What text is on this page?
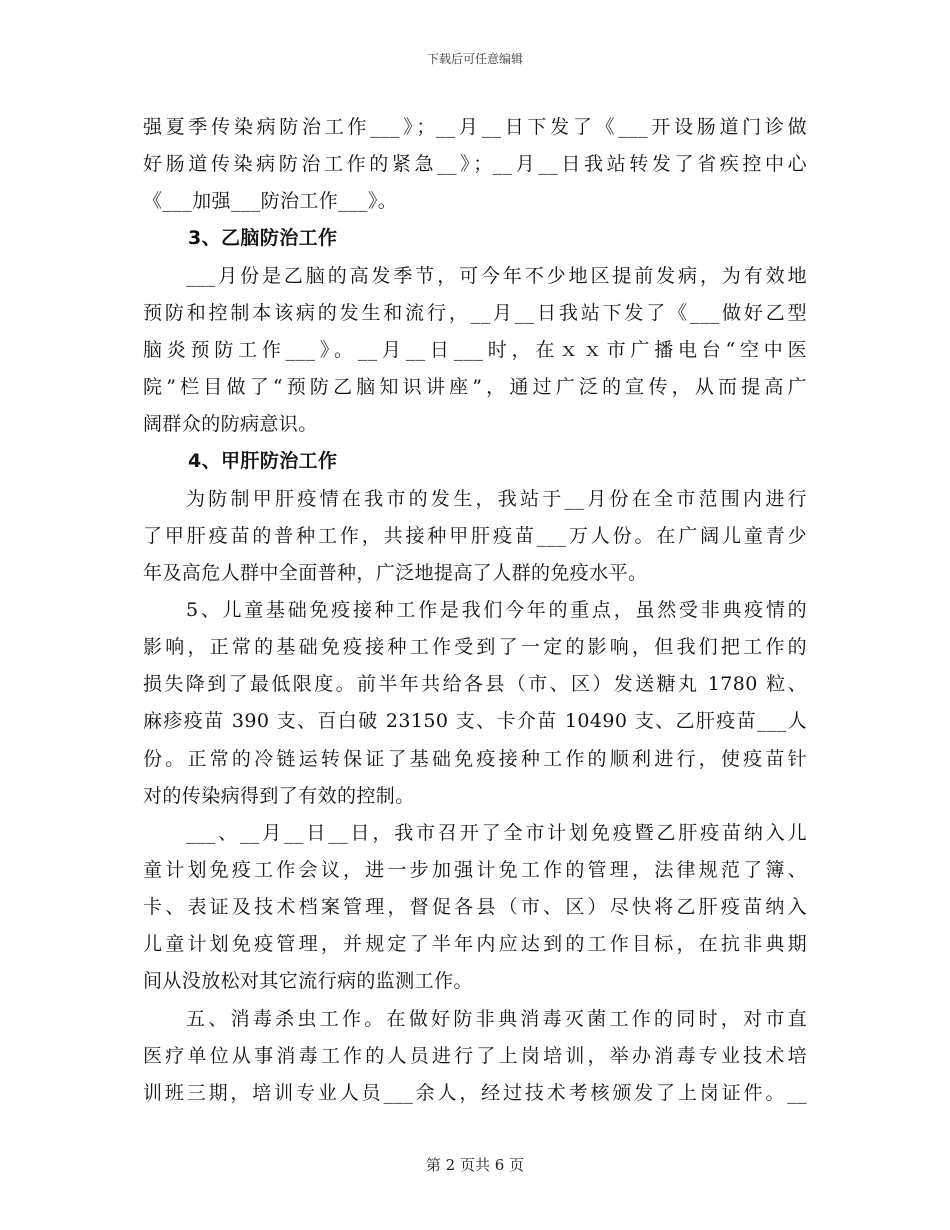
下载后可任意编辑
强夏季传染病防治工作___》；__月__日下发了《___开设肠道门诊做
好肠道传染病防治工作的紧急__》；__月__日我站转发了省疾控中心
《___加强___防治工作___》。
3、乙脑防治工作
___月份是乙脑的高发季节，可今年不少地区提前发病，为有效地
预防和控制本该病的发生和流行，__月__日我站下发了《___做好乙型
脑炎预防工作___》。__月__日___时，在ｘｘ市广播电台“空中医
院”栏目做了“预防乙脑知识讲座”，通过广泛的宣传，从而提高广
阔群众的防病意识。
4、甲肝防治工作
为防制甲肝疫情在我市的发生，我站于__月份在全市范围内进行
了甲肝疫苗的普种工作，共接种甲肝疫苗___万人份。在广阔儿童青少
年及高危人群中全面普种，广泛地提高了人群的免疫水平。
5、儿童基础免疫接种工作是我们今年的重点，虽然受非典疫情的
影响，正常的基础免疫接种工作受到了一定的影响，但我们把工作的
损失降到了最低限度。前半年共给各县（市、区）发送糖丸 1780 粒、
麻疹疫苗 390 支、百白破 23150 支、卡介苗 10490 支、乙肝疫苗___人
份。正常的冷链运转保证了基础免疫接种工作的顺利进行，使疫苗针
对的传染病得到了有效的控制。
___、__月__日__日，我市召开了全市计划免疫暨乙肝疫苗纳入儿
童计划免疫工作会议，进一步加强计免工作的管理，法律规范了簿、
卡、表证及技术档案管理，督促各县（市、区）尽快将乙肝疫苗纳入
儿童计划免疫管理，并规定了半年内应达到的工作目标，在抗非典期
间从没放松对其它流行病的监测工作。
五、消毒杀虫工作。在做好防非典消毒灭菌工作的同时，对市直
医疗单位从事消毒工作的人员进行了上岗培训，举办消毒专业技术培
训班三期，培训专业人员___余人，经过技术考核颁发了上岗证件。__
第 2 页共 6 页
